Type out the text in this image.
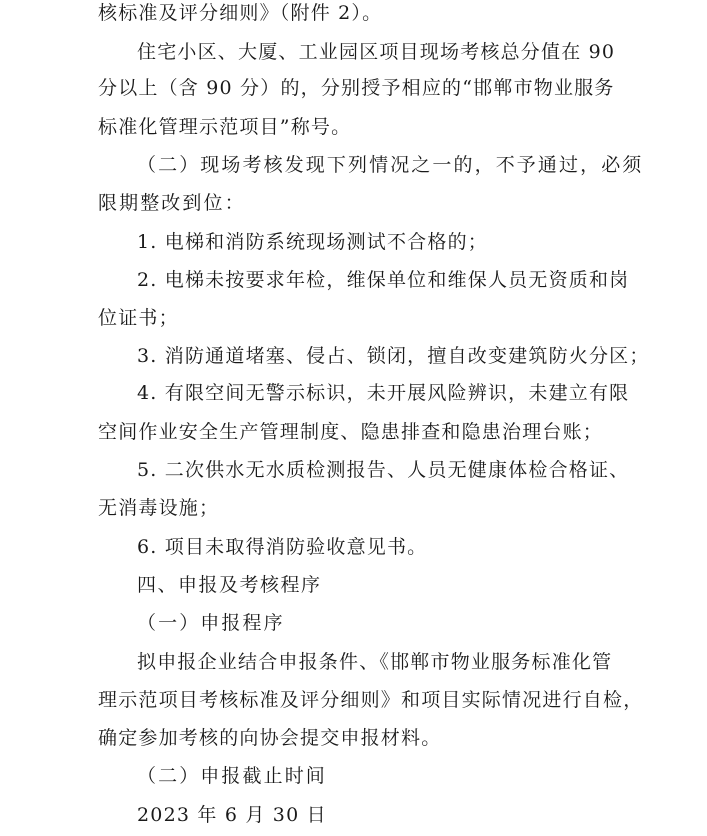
核标准及评分细则》（附件 2）。
住宅小区、大厦、工业园区项目现场考核总分值在 90
分以上（含 90 分）的，分别授予相应的“邯郸市物业服务
标准化管理示范项目”称号。
（二）现场考核发现下列情况之一的，不予通过，必须
限期整改到位：
1. 电梯和消防系统现场测试不合格的；
2. 电梯未按要求年检，维保单位和维保人员无资质和岗
位证书；
3. 消防通道堵塞、侵占、锁闭，擅自改变建筑防火分区；
4. 有限空间无警示标识，未开展风险辨识，未建立有限
空间作业安全生产管理制度、隐患排查和隐患治理台账；
5. 二次供水无水质检测报告、人员无健康体检合格证、
无消毒设施；
6. 项目未取得消防验收意见书。
四、申报及考核程序
（一）申报程序
拟申报企业结合申报条件、《邯郸市物业服务标准化管
理示范项目考核标准及评分细则》和项目实际情况进行自检，
确定参加考核的向协会提交申报材料。
（二）申报截止时间
2023 年 6 月 30 日
